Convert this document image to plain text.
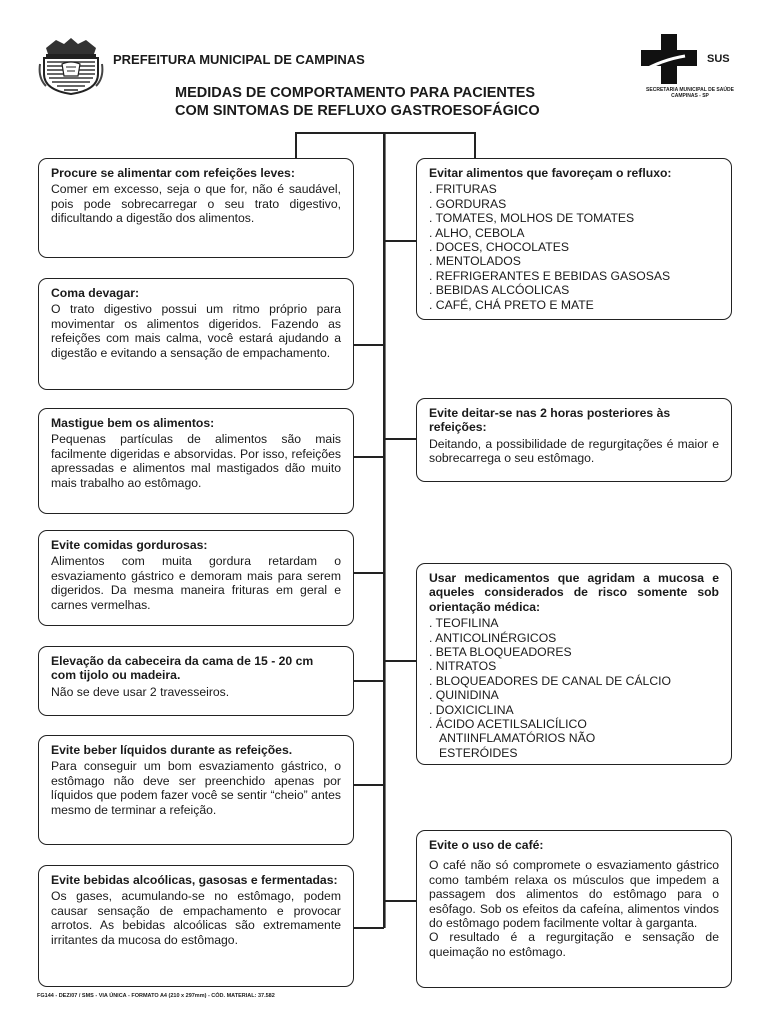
PREFEITURA MUNICIPAL DE CAMPINAS
MEDIDAS DE COMPORTAMENTO PARA PACIENTES
COM SINTOMAS DE REFLUXO GASTROESOFÁGICO
SUS
SECRETARIA MUNICIPAL DE SAÚDE
CAMPINAS - SP
Procure se alimentar com refeições leves:

Comer em excesso, seja o que for, não é saudável, pois pode sobrecarregar o seu trato digestivo, dificultando a digestão dos alimentos.

Coma devagar:

O trato digestivo possui um ritmo próprio para movimentar os alimentos digeridos. Fazendo as refeições com mais calma, você estará ajudando a digestão e evitando a sensação de empachamento.

Mastigue bem os alimentos:

Pequenas partículas de alimentos são mais facilmente digeridas e absorvidas. Por isso, refeições apressadas e alimentos mal mastigados dão muito mais trabalho ao estômago.

Evite comidas gordurosas:

Alimentos com muita gordura retardam o esvaziamento gástrico e demoram mais para serem digeridos. Da mesma maneira frituras em geral e carnes vermelhas.

Elevação da cabeceira da cama de 15 - 20 cm com tijolo ou madeira.

Não se deve usar 2 travesseiros.

Evite beber líquidos durante as refeições.

Para conseguir um bom esvaziamento gástrico, o estômago não deve ser preenchido apenas por líquidos que podem fazer você se sentir “cheio” antes mesmo de terminar a refeição.

Evite bebidas alcoólicas, gasosas e fermentadas:

Os gases, acumulando-se no estômago, podem causar sensação de empachamento e provocar arrotos. As bebidas alcoólicas são extremamente irritantes da mucosa do estômago.

Evitar alimentos que favoreçam o refluxo:
. FRITURAS
. GORDURAS
. TOMATES, MOLHOS DE TOMATES
. ALHO, CEBOLA
. DOCES, CHOCOLATES
. MENTOLADOS
. REFRIGERANTES E BEBIDAS GASOSAS
. BEBIDAS ALCÓOLICAS
. CAFÉ, CHÁ PRETO E MATE
Evite deitar-se nas 2 horas posteriores às refeições:

Deitando, a possibilidade de regurgitações é maior e sobrecarrega o seu estômago.

Usar medicamentos que agridam a mucosa e aqueles considerados de risco somente sob orientação médica:
. TEOFILINA
. ANTICOLINÉRGICOS
. BETA BLOQUEADORES
. NITRATOS
. BLOQUEADORES DE CANAL DE CÁLCIO
. QUINIDINA
. DOXICICLINA
. ÁCIDO ACETILSALICÍLICO
ANTIINFLAMATÓRIOS NÃO
ESTERÓIDES
Evite o uso de café:

O café não só compromete o esvaziamento gástrico como também relaxa os músculos que impedem a passagem dos alimentos do estômago para o esôfago. Sob os efeitos da cafeína, alimentos vindos do estômago podem facilmente voltar à garganta.

O resultado é a regurgitação e sensação de queimação no estômago.

FG144 - DEZ/07 / SMS - VIA ÚNICA - FORMATO A4 (210 x 297mm) - CÓD. MATERIAL: 37.582
